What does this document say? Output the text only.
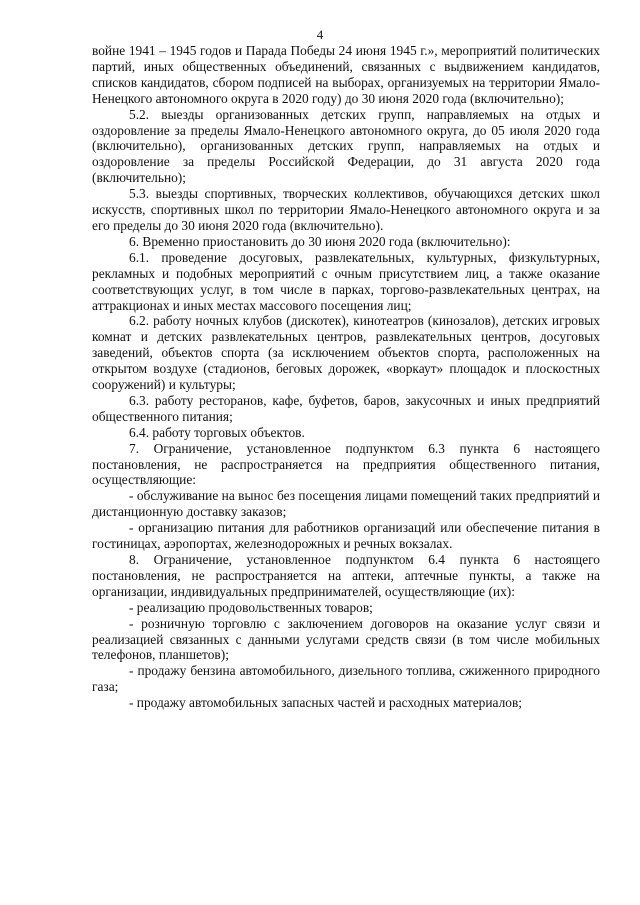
4

войне 1941 – 1945 годов и Парада Победы 24 июня 1945 г.», мероприятий политических партий, иных общественных объединений, связанных с выдвижением кандидатов, списков кандидатов, сбором подписей на выборах, организуемых на территории Ямало-Ненецкого автономного округа в 2020 году) до 30 июня 2020 года (включительно);

5.2. выезды организованных детских групп, направляемых на отдых и оздоровление за пределы Ямало-Ненецкого автономного округа, до 05 июля 2020 года (включительно), организованных детских групп, направляемых на отдых и оздоровление за пределы Российской Федерации, до 31 августа 2020 года (включительно);

5.3. выезды спортивных, творческих коллективов, обучающихся детских школ искусств, спортивных школ по территории Ямало-Ненецкого автономного округа и за его пределы до 30 июня 2020 года (включительно).

6. Временно приостановить до 30 июня 2020 года (включительно):

6.1. проведение досуговых, развлекательных, культурных, физкультурных, рекламных и подобных мероприятий с очным присутствием лиц, а также оказание соответствующих услуг, в том числе в парках, торгово-развлекательных центрах, на аттракционах и иных местах массового посещения лиц;

6.2. работу ночных клубов (дискотек), кинотеатров (кинозалов), детских игровых комнат и детских развлекательных центров, развлекательных центров, досуговых заведений, объектов спорта (за исключением объектов спорта, расположенных на открытом воздухе (стадионов, беговых дорожек, «воркаут» площадок и плоскостных сооружений) и культуры;

6.3. работу ресторанов, кафе, буфетов, баров, закусочных и иных предприятий общественного питания;

6.4. работу торговых объектов.

7. Ограничение, установленное подпунктом 6.3 пункта 6 настоящего постановления, не распространяется на предприятия общественного питания, осуществляющие:

- обслуживание на вынос без посещения лицами помещений таких предприятий и дистанционную доставку заказов;

- организацию питания для работников организаций или обеспечение питания в гостиницах, аэропортах, железнодорожных и речных вокзалах.

8. Ограничение, установленное подпунктом 6.4 пункта 6 настоящего постановления, не распространяется на аптеки, аптечные пункты, а также на организации, индивидуальных предпринимателей, осуществляющие (их):

- реализацию продовольственных товаров;

- розничную торговлю с заключением договоров на оказание услуг связи и реализацией связанных с данными услугами средств связи (в том числе мобильных телефонов, планшетов);

- продажу бензина автомобильного, дизельного топлива, сжиженного природного газа;

- продажу автомобильных запасных частей и расходных материалов;
